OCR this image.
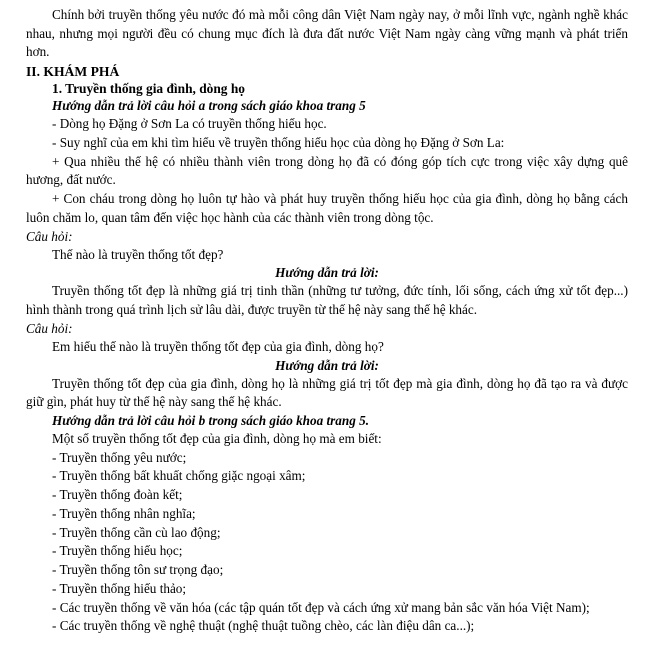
Chính bởi truyền thống yêu nước đó mà mỗi công dân Việt Nam ngày nay, ở mỗi lĩnh vực, ngành nghề khác nhau, nhưng mọi người đều có chung mục đích là đưa đất nước Việt Nam ngày càng vững mạnh và phát triển hơn.

II. KHÁM PHÁ

1. Truyền thống gia đình, dòng họ

Hướng dẫn trả lời câu hỏi a trong sách giáo khoa trang 5

- Dòng họ Đặng ở Sơn La có truyền thống hiếu học.

- Suy nghĩ của em khi tìm hiểu về truyền thống hiếu học của dòng họ Đặng ở Sơn La:

+ Qua nhiều thế hệ có nhiều thành viên trong dòng họ đã có đóng góp tích cực trong việc xây dựng quê hương, đất nước.

+ Con cháu trong dòng họ luôn tự hào và phát huy truyền thống hiếu học của gia đình, dòng họ bằng cách luôn chăm lo, quan tâm đến việc học hành của các thành viên trong dòng tộc.

Câu hỏi:

Thế nào là truyền thống tốt đẹp?

Hướng dẫn trả lời:

Truyền thống tốt đẹp là những giá trị tinh thần (những tư tưởng, đức tính, lối sống, cách ứng xử tốt đẹp...) hình thành trong quá trình lịch sử lâu dài, được truyền từ thế hệ này sang thế hệ khác.

Câu hỏi:

Em hiểu thế nào là truyền thống tốt đẹp của gia đình, dòng họ?

Hướng dẫn trả lời:

Truyền thống tốt đẹp của gia đình, dòng họ là những giá trị tốt đẹp mà gia đình, dòng họ đã tạo ra và được giữ gìn, phát huy từ thế hệ này sang thế hệ khác.

Hướng dẫn trả lời câu hỏi b trong sách giáo khoa trang 5.

Một số truyền thống tốt đẹp của gia đình, dòng họ mà em biết:

- Truyền thống yêu nước;

- Truyền thống bất khuất chống giặc ngoại xâm;

- Truyền thống đoàn kết;

- Truyền thống nhân nghĩa;

- Truyền thống cần cù lao động;

- Truyền thống hiếu học;

- Truyền thống tôn sư trọng đạo;

- Truyền thống hiếu thảo;

- Các truyền thống về văn hóa (các tập quán tốt đẹp và cách ứng xử mang bản sắc văn hóa Việt Nam);

- Các truyền thống về nghệ thuật (nghệ thuật tuồng chèo, các làn điệu dân ca...);
